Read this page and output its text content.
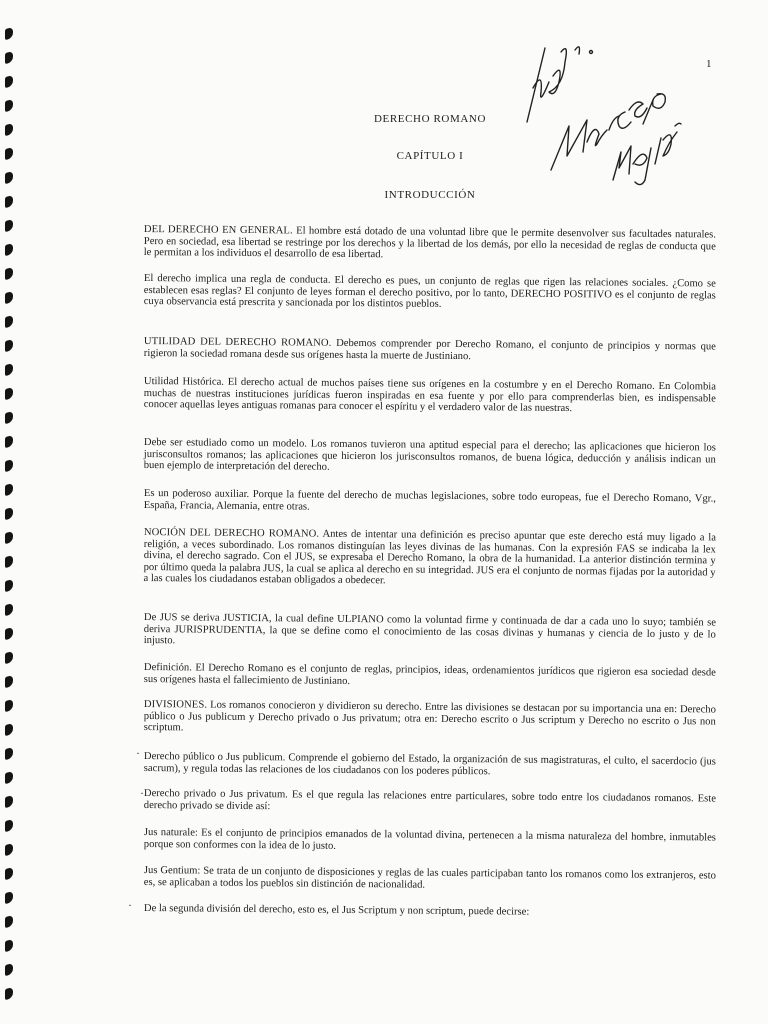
1
DERECHO ROMANO
CAPÍTULO I
INTRODUCCIÓN
DEL DERECHO EN GENERAL. El hombre está dotado de una voluntad libre que le permite desenvolver sus facultades naturales. Pero en sociedad, esa libertad se restringe por los derechos y la libertad de los demás, por ello la necesidad de reglas de conducta que le permitan a los individuos el desarrollo de esa libertad.
El derecho implica una regla de conducta. El derecho es pues, un conjunto de reglas que rigen las relaciones sociales. ¿Como se establecen esas reglas? El conjunto de leyes forman el derecho positivo, por lo tanto, DERECHO POSITIVO es el conjunto de reglas cuya observancia está prescrita y sancionada por los distintos pueblos.
UTILIDAD DEL DERECHO ROMANO. Debemos comprender por Derecho Romano, el conjunto de principios y normas que rigieron la sociedad romana desde sus orígenes hasta la muerte de Justiniano.
Utilidad Histórica. El derecho actual de muchos países tiene sus orígenes en la costumbre y en el Derecho Romano. En Colombia muchas de nuestras instituciones jurídicas fueron inspiradas en esa fuente y por ello para comprenderlas bien, es indispensable conocer aquellas leyes antiguas romanas para conocer el espíritu y el verdadero valor de las nuestras.
Debe ser estudiado como un modelo. Los romanos tuvieron una aptitud especial para el derecho; las aplicaciones que hicieron los jurisconsultos romanos; las aplicaciones que hicieron los jurisconsultos romanos, de buena lógica, deducción y análisis indican un buen ejemplo de interpretación del derecho.
Es un poderoso auxiliar. Porque la fuente del derecho de muchas legislaciones, sobre todo europeas, fue el Derecho Romano, Vgr., España, Francia, Alemania, entre otras.
NOCIÓN DEL DERECHO ROMANO. Antes de intentar una definición es preciso apuntar que este derecho está muy ligado a la religión, a veces subordinado. Los romanos distinguían las leyes divinas de las humanas. Con la expresión FAS se indicaba la lex divina, el derecho sagrado. Con el JUS, se expresaba el Derecho Romano, la obra de la humanidad. La anterior distinción termina y por último queda la palabra JUS, la cual se aplica al derecho en su integridad. JUS era el conjunto de normas fijadas por la autoridad y a las cuales los ciudadanos estaban obligados a obedecer.
De JUS se deriva JUSTICIA, la cual define ULPIANO como la voluntad firme y continuada de dar a cada uno lo suyo; también se deriva JURISPRUDENTIA, la que se define como el conocimiento de las cosas divinas y humanas y ciencia de lo justo y de lo injusto.
Definición. El Derecho Romano es el conjunto de reglas, principios, ideas, ordenamientos jurídicos que rigieron esa sociedad desde sus orígenes hasta el fallecimiento de Justiniano.
DIVISIONES. Los romanos conocieron y dividieron su derecho. Entre las divisiones se destacan por su importancia una en: Derecho público o Jus publicum y Derecho privado o Jus privatum; otra en: Derecho escrito o Jus scriptum y Derecho no escrito o Jus non scriptum.
Derecho público o Jus publicum. Comprende el gobierno del Estado, la organización de sus magistraturas, el culto, el sacerdocio (jus sacrum), y regula todas las relaciones de los ciudadanos con los poderes públicos.
Derecho privado o Jus privatum. Es el que regula las relaciones entre particulares, sobre todo entre los ciudadanos romanos. Este derecho privado se divide así:
Jus naturale: Es el conjunto de principios emanados de la voluntad divina, pertenecen a la misma naturaleza del hombre, inmutables porque son conformes con la idea de lo justo.
Jus Gentium: Se trata de un conjunto de disposiciones y reglas de las cuales participaban tanto los romanos como los extranjeros, esto es, se aplicaban a todos los pueblos sin distinción de nacionalidad.
De la segunda división del derecho, esto es, el Jus Scriptum y non scriptum, puede decirse:
·
·
·
